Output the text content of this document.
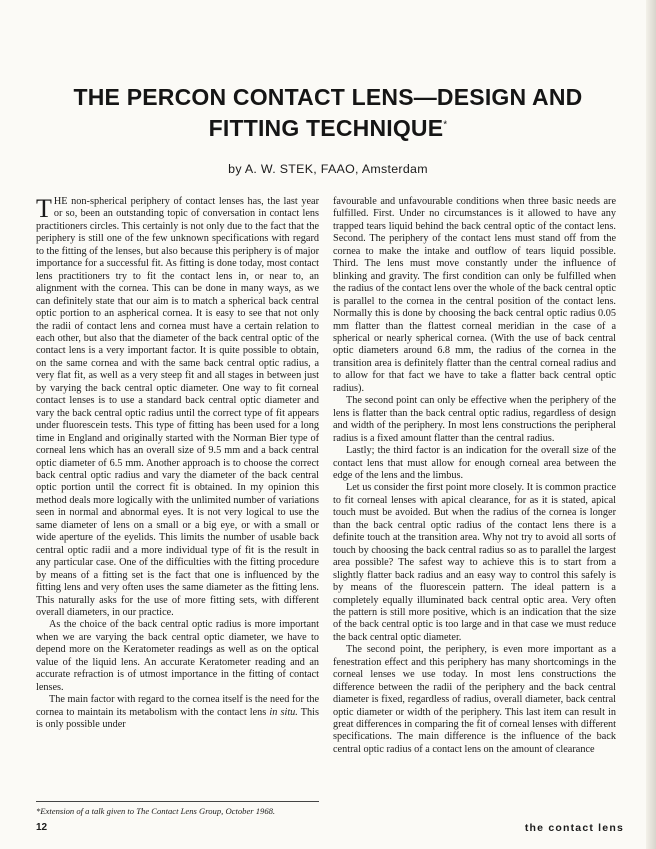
THE PERCON CONTACT LENS—DESIGN AND FITTING TECHNIQUE*
by A. W. STEK, FAAO, Amsterdam

THE non-spherical periphery of contact lenses has, the last year or so, been an outstanding topic of conversation in contact lens practitioners circles. This certainly is not only due to the fact that the periphery is still one of the few unknown specifications with regard to the fitting of the lenses, but also because this periphery is of major importance for a successful fit. As fitting is done today, most contact lens practitioners try to fit the contact lens in, or near to, an alignment with the cornea. This can be done in many ways, as we can definitely state that our aim is to match a spherical back central optic portion to an aspherical cornea. It is easy to see that not only the radii of contact lens and cornea must have a certain relation to each other, but also that the diameter of the back central optic of the contact lens is a very important factor. It is quite possible to obtain, on the same cornea and with the same back central optic radius, a very flat fit, as well as a very steep fit and all stages in between just by varying the back central optic diameter. One way to fit corneal contact lenses is to use a standard back central optic diameter and vary the back central optic radius until the correct type of fit appears under fluorescein tests. This type of fitting has been used for a long time in England and originally started with the Norman Bier type of corneal lens which has an overall size of 9.5 mm and a back central optic diameter of 6.5 mm. Another approach is to choose the correct back central optic radius and vary the diameter of the back central optic portion until the correct fit is obtained. In my opinion this method deals more logically with the unlimited number of variations seen in normal and abnormal eyes. It is not very logical to use the same diameter of lens on a small or a big eye, or with a small or wide aperture of the eyelids. This limits the number of usable back central optic radii and a more individual type of fit is the result in any particular case. One of the difficulties with the fitting procedure by means of a fitting set is the fact that one is influenced by the fitting lens and very often uses the same diameter as the fitting lens. This naturally asks for the use of more fitting sets, with different overall diameters, in our practice.

As the choice of the back central optic radius is more important when we are varying the back central optic diameter, we have to depend more on the Keratometer readings as well as on the optical value of the liquid lens. An accurate Keratometer reading and an accurate refraction is of utmost importance in the fitting of contact lenses.

The main factor with regard to the cornea itself is the need for the cornea to maintain its metabolism with the contact lens in situ. This is only possible under

favourable and unfavourable conditions when three basic needs are fulfilled. First. Under no circumstances is it allowed to have any trapped tears liquid behind the back central optic of the contact lens. Second. The periphery of the contact lens must stand off from the cornea to make the intake and outflow of tears liquid possible. Third. The lens must move constantly under the influence of blinking and gravity. The first condition can only be fulfilled when the radius of the contact lens over the whole of the back central optic is parallel to the cornea in the central position of the contact lens. Normally this is done by choosing the back central optic radius 0.05 mm flatter than the flattest corneal meridian in the case of a spherical or nearly spherical cornea. (With the use of back central optic diameters around 6.8 mm, the radius of the cornea in the transition area is definitely flatter than the central corneal radius and to allow for that fact we have to take a flatter back central optic radius).

The second point can only be effective when the periphery of the lens is flatter than the back central optic radius, regardless of design and width of the periphery. In most lens constructions the peripheral radius is a fixed amount flatter than the central radius.

Lastly; the third factor is an indication for the overall size of the contact lens that must allow for enough corneal area between the edge of the lens and the limbus.

Let us consider the first point more closely. It is common practice to fit corneal lenses with apical clearance, for as it is stated, apical touch must be avoided. But when the radius of the cornea is longer than the back central optic radius of the contact lens there is a definite touch at the transition area. Why not try to avoid all sorts of touch by choosing the back central radius so as to parallel the largest area possible? The safest way to achieve this is to start from a slightly flatter back radius and an easy way to control this safely is by means of the fluorescein pattern. The ideal pattern is a completely equally illuminated back central optic area. Very often the pattern is still more positive, which is an indication that the size of the back central optic is too large and in that case we must reduce the back central optic diameter.

The second point, the periphery, is even more important as a fenestration effect and this periphery has many shortcomings in the corneal lenses we use today. In most lens constructions the difference between the radii of the periphery and the back central diameter is fixed, regardless of radius, overall diameter, back central optic diameter or width of the periphery. This last item can result in great differences in comparing the fit of corneal lenses with different specifications. The main difference is the influence of the back central optic radius of a contact lens on the amount of clearance

*Extension of a talk given to The Contact Lens Group, October 1968.
12	the contact lens
